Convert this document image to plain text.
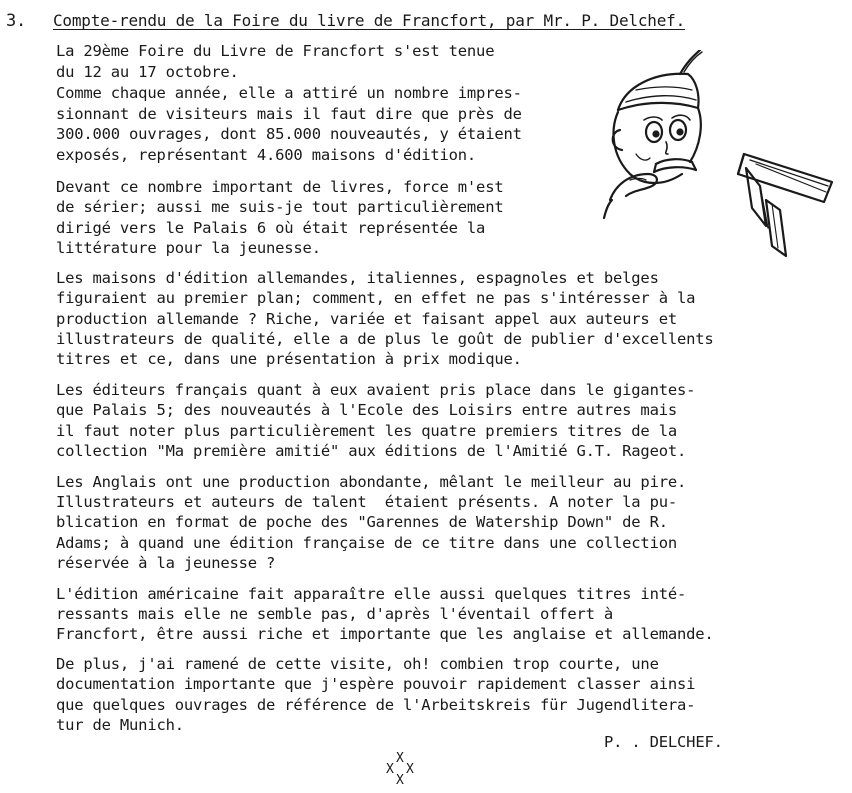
3. Compte-rendu de la Foire du livre de Francfort, par Mr. P. Delchef.
La 29ème Foire du Livre de Francfort s'est tenue
du 12 au 17 octobre.
Comme chaque année, elle a attiré un nombre impres-
sionnant de visiteurs mais il faut dire que près de
300.000 ouvrages, dont 85.000 nouveautés, y étaient
exposés, représentant 4.600 maisons d'édition.
Devant ce nombre important de livres, force m'est
de sérier; aussi me suis-je tout particulièrement
dirigé vers le Palais 6 où était représentée la
littérature pour la jeunesse.
Les maisons d'édition allemandes, italiennes, espagnoles et belges
figuraient au premier plan; comment, en effet ne pas s'intéresser à la
production allemande ? Riche, variée et faisant appel aux auteurs et
illustrateurs de qualité, elle a de plus le goût de publier d'excellents
titres et ce, dans une présentation à prix modique.
Les éditeurs français quant à eux avaient pris place dans le gigantes-
que Palais 5; des nouveautés à l'Ecole des Loisirs entre autres mais
il faut noter plus particulièrement les quatre premiers titres de la
collection "Ma première amitié" aux éditions de l'Amitié G.T. Rageot.
Les Anglais ont une production abondante, mêlant le meilleur au pire.
Illustrateurs et auteurs de talent  étaient présents. A noter la pu-
blication en format de poche des "Garennes de Watership Down" de R.
Adams; à quand une édition française de ce titre dans une collection
réservée à la jeunesse ?
L'édition américaine fait apparaître elle aussi quelques titres inté-
ressants mais elle ne semble pas, d'après l'éventail offert à
Francfort, être aussi riche et importante que les anglaise et allemande.
De plus, j'ai ramené de cette visite, oh! combien trop courte, une
documentation importante que j'espère pouvoir rapidement classer ainsi
que quelques ouvrages de référence de l'Arbeitskreis für Jugendlitera-
tur de Munich.
P. . DELCHEF.
X
X X
X
